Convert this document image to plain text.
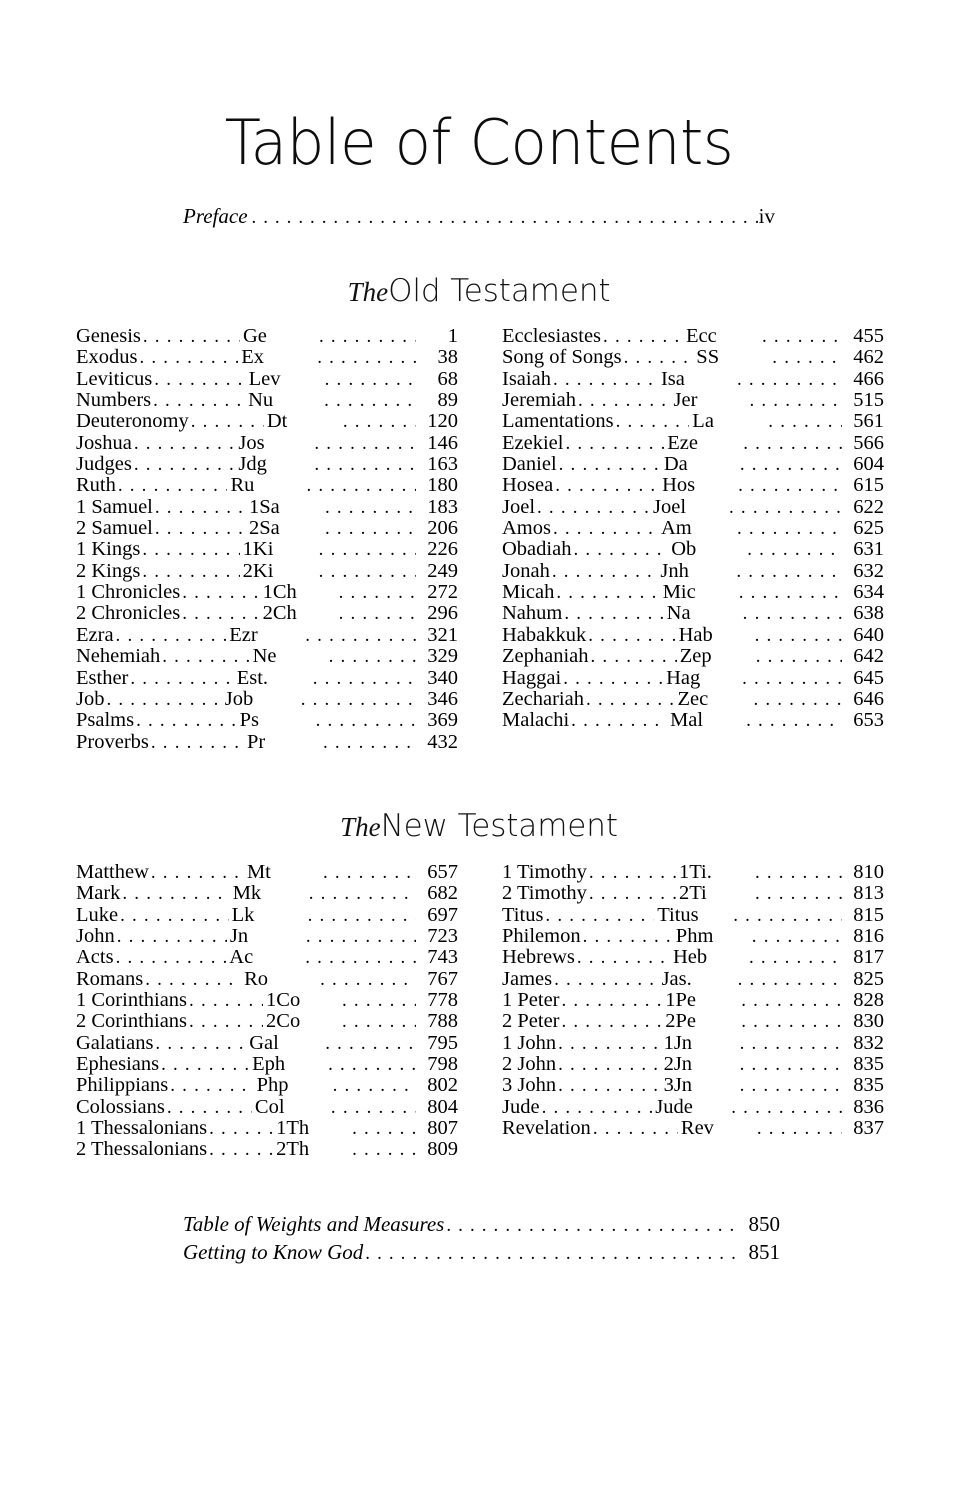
Table of Contents
Preface . . .	iv
TheOld Testament
Genesis . . .	Ge . . .	1
Exodus . . .	Ex . . .	38
Leviticus . . .	Lev . . .	68
Numbers . . .	Nu . . .	89
Deuteronomy . . .	Dt . . .	120
Joshua . . .	Jos . . .	146
Judges . . .	Jdg . . .	163
Ruth . . .	Ru . . .	180
1 Samuel . . .	1Sa . . .	183
2 Samuel . . .	2Sa . . .	206
1 Kings . . .	1Ki . . .	226
2 Kings . . .	2Ki . . .	249
1 Chronicles . . .	1Ch . . .	272
2 Chronicles . . .	2Ch . . .	296
Ezra . . .	Ezr . . .	321
Nehemiah . . .	Ne . . .	329
Esther . . .	Est. . . .	340
Job . . .	Job . . .	346
Psalms . . .	Ps . . .	369
Proverbs . . .	Pr . . .	432
Ecclesiastes . . .	Ecc . . .	455
Song of Songs . . .	SS . . .	462
Isaiah . . .	Isa . . .	466
Jeremiah . . .	Jer . . .	515
Lamentations . . .	La . . .	561
Ezekiel . . .	Eze . . .	566
Daniel . . .	Da . . .	604
Hosea . . .	Hos . . .	615
Joel . . .	Joel . . .	622
Amos . . .	Am . . .	625
Obadiah . . .	Ob . . .	631
Jonah . . .	Jnh . . .	632
Micah . . .	Mic . . .	634
Nahum . . .	Na . . .	638
Habakkuk . . .	Hab . . .	640
Zephaniah . . .	Zep . . .	642
Haggai . . .	Hag . . .	645
Zechariah . . .	Zec . . .	646
Malachi . . .	Mal . . .	653
TheNew Testament
Matthew . . .	Mt . . .	657
Mark . . .	Mk . . .	682
Luke . . .	Lk . . .	697
John . . .	Jn . . .	723
Acts . . .	Ac . . .	743
Romans . . .	Ro . . .	767
1 Corinthians . . .	1Co . . .	778
2 Corinthians . . .	2Co . . .	788
Galatians . . .	Gal . . .	795
Ephesians . . .	Eph . . .	798
Philippians . . .	Php . . .	802
Colossians . . .	Col . . .	804
1 Thessalonians . . .	1Th . . .	807
2 Thessalonians . . .	2Th . . .	809
1 Timothy . . .	1Ti. . . .	810
2 Timothy . . .	2Ti . . .	813
Titus . . .	Titus . . .	815
Philemon . . .	Phm . . .	816
Hebrews . . .	Heb . . .	817
James . . .	Jas. . . .	825
1 Peter . . .	1Pe . . .	828
2 Peter . . .	2Pe . . .	830
1 John . . .	1Jn . . .	832
2 John . . .	2Jn . . .	835
3 John . . .	3Jn . . .	835
Jude . . .	Jude . . .	836
Revelation . . .	Rev . . .	837
Table of Weights and Measures . . .	850
Getting to Know God . . .	851
